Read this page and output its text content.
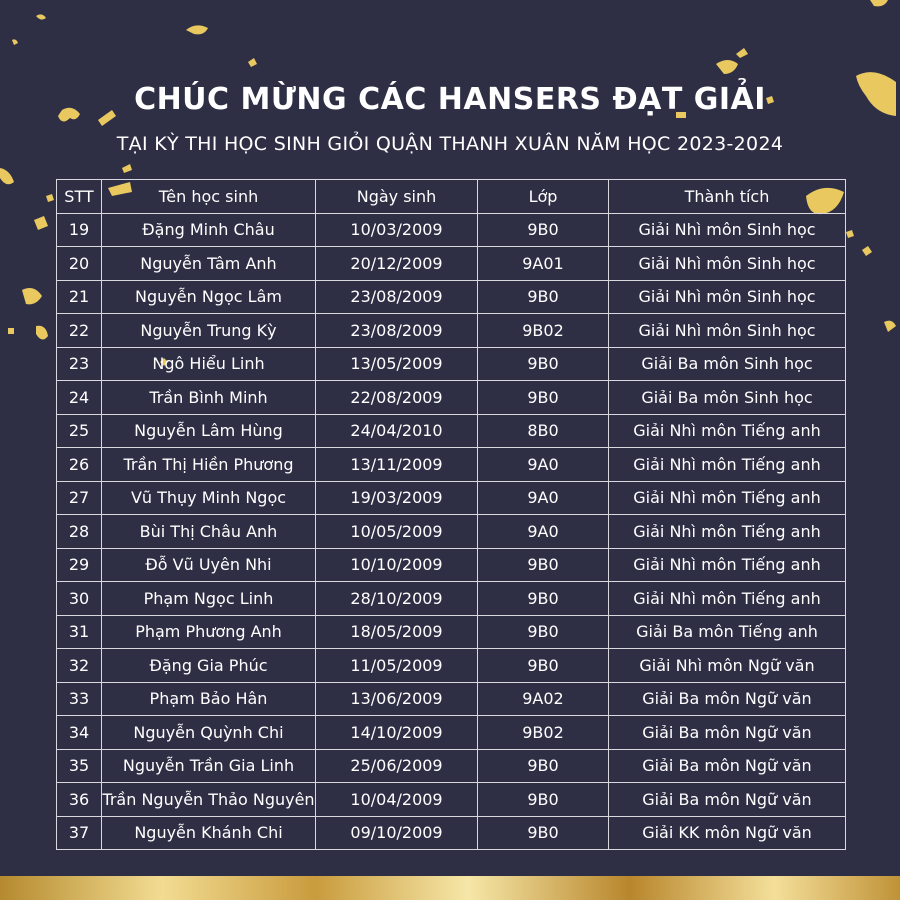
CHÚC MỪNG CÁC HANSERS ĐẠT GIẢI
TẠI KỲ THI HỌC SINH GIỎI QUẬN THANH XUÂN NĂM HỌC 2023-2024
STT	Tên học sinh	Ngày sinh	Lớp	Thành tích
19	Đặng Minh Châu	10/03/2009	9B0	Giải Nhì môn Sinh học
20	Nguyễn Tâm Anh	20/12/2009	9A01	Giải Nhì môn Sinh học
21	Nguyễn Ngọc Lâm	23/08/2009	9B0	Giải Nhì môn Sinh học
22	Nguyễn Trung Kỳ	23/08/2009	9B02	Giải Nhì môn Sinh học
23	Ngô Hiểu Linh	13/05/2009	9B0	Giải Ba môn Sinh học
24	Trần Bình Minh	22/08/2009	9B0	Giải Ba môn Sinh học
25	Nguyễn Lâm Hùng	24/04/2010	8B0	Giải Nhì môn Tiếng anh
26	Trần Thị Hiền Phương	13/11/2009	9A0	Giải Nhì môn Tiếng anh
27	Vũ Thụy Minh Ngọc	19/03/2009	9A0	Giải Nhì môn Tiếng anh
28	Bùi Thị Châu Anh	10/05/2009	9A0	Giải Nhì môn Tiếng anh
29	Đỗ Vũ Uyên Nhi	10/10/2009	9B0	Giải Nhì môn Tiếng anh
30	Phạm Ngọc Linh	28/10/2009	9B0	Giải Nhì môn Tiếng anh
31	Phạm Phương Anh	18/05/2009	9B0	Giải Ba môn Tiếng anh
32	Đặng Gia Phúc	11/05/2009	9B0	Giải Nhì môn Ngữ văn
33	Phạm Bảo Hân	13/06/2009	9A02	Giải Ba môn Ngữ văn
34	Nguyễn Quỳnh Chi	14/10/2009	9B02	Giải Ba môn Ngữ văn
35	Nguyễn Trần Gia Linh	25/06/2009	9B0	Giải Ba môn Ngữ văn
36	Trần Nguyễn Thảo Nguyên	10/04/2009	9B0	Giải Ba môn Ngữ văn
37	Nguyễn Khánh Chi	09/10/2009	9B0	Giải KK môn Ngữ văn
